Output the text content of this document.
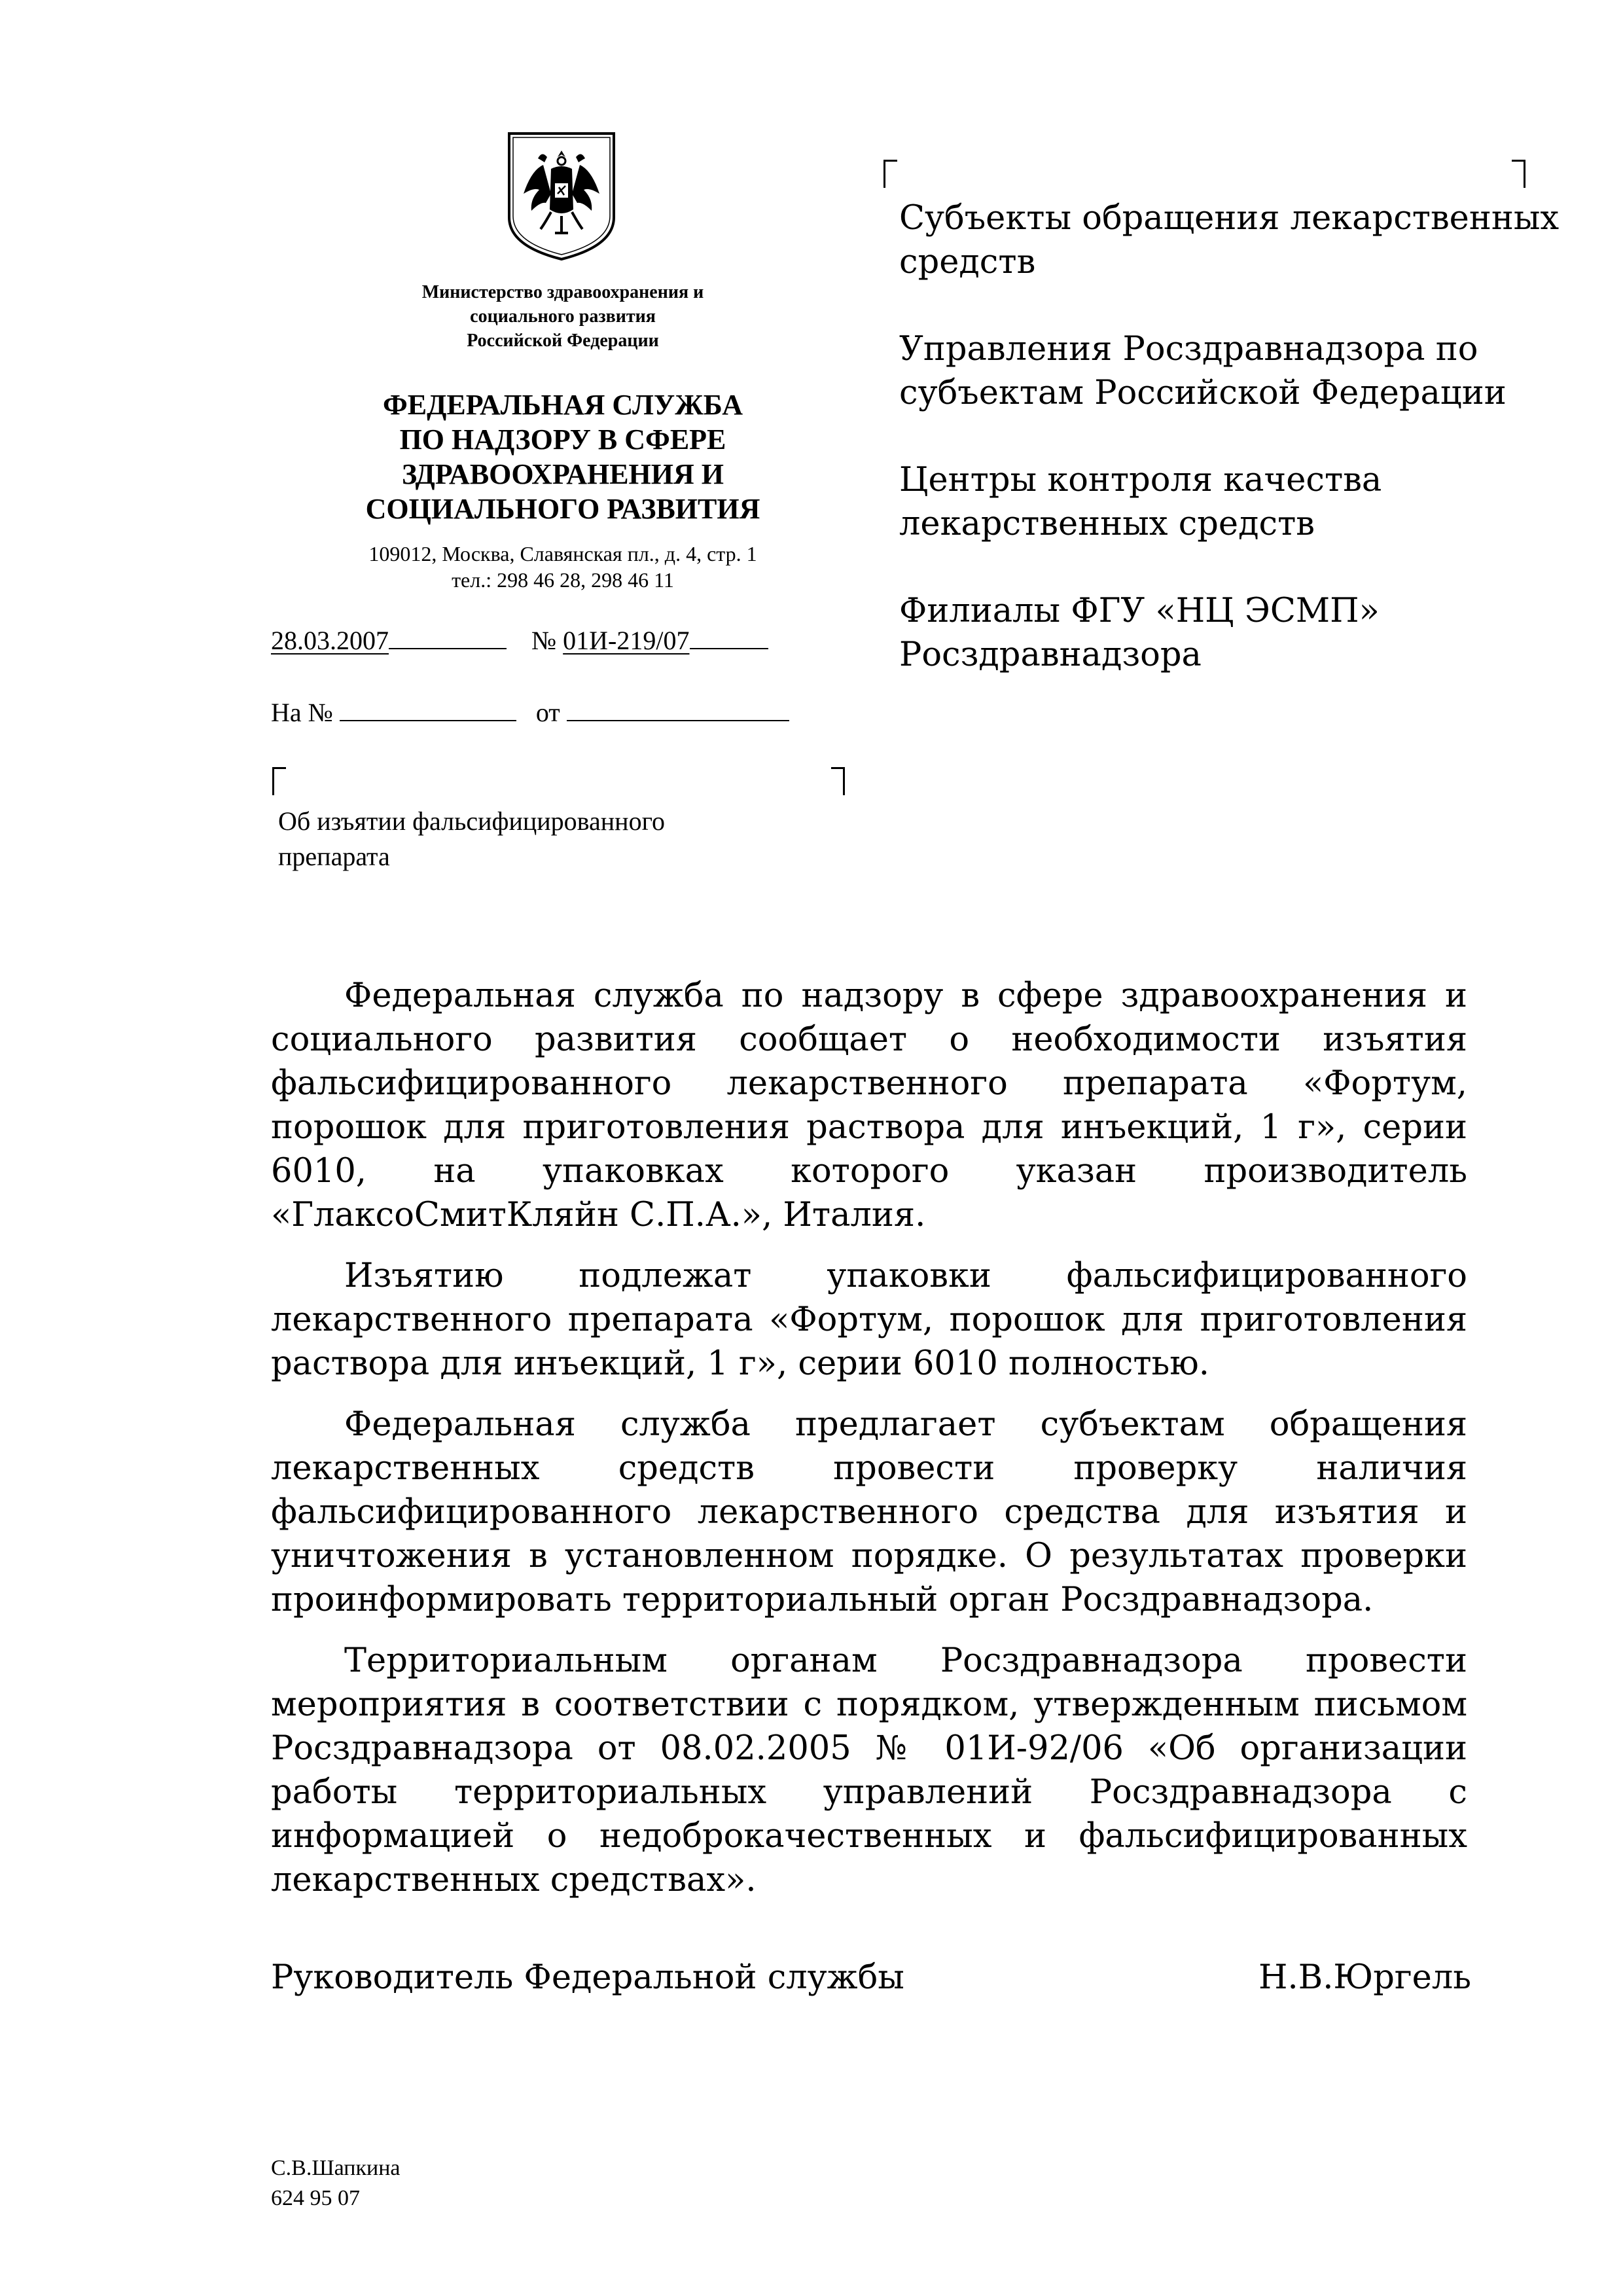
Министерство здравоохранения и
социального развития
Российской Федерации
ФЕДЕРАЛЬНАЯ СЛУЖБА
ПО НАДЗОРУ В СФЕРЕ
ЗДРАВООХРАНЕНИЯ И
СОЦИАЛЬНОГО РАЗВИТИЯ
109012, Москва, Славянская пл., д. 4, стр. 1
тел.: 298 46 28, 298 46 11
28.03.2007	№ 01И-219/07
На №	от
Об изъятии фальсифицированного
препарата
Субъекты обращения лекарственных
средств
Управления Росздравнадзора по
субъектам Российской Федерации
Центры контроля качества
лекарственных средств
Филиалы ФГУ «НЦ ЭСМП»
Росздравнадзора

Федеральная служба по надзору в сфере здравоохранения и социального развития сообщает о необходимости изъятия фальсифицированного лекарственного препарата «Фортум, порошок для приготовления раствора для инъекций, 1 г», серии 6010, на упаковках которого указан производитель «ГлаксоСмитКляйн С.П.А.», Италия.

Изъятию подлежат упаковки фальсифицированного лекарственного препарата «Фортум, порошок для приготовления раствора для инъекций, 1 г», серии 6010 полностью.

Федеральная служба предлагает субъектам обращения лекарственных средств провести проверку наличия фальсифицированного лекарственного средства для изъятия и уничтожения в установленном порядке. О результатах проверки проинформировать территориальный орган Росздравнадзора.

Территориальным органам Росздравнадзора провести мероприятия в соответствии с порядком, утвержденным письмом Росздравнадзора от 08.02.2005 № 01И-92/06 «Об организации работы территориальных управлений Росздравнадзора с информацией о недоброкачественных и фальсифицированных лекарственных средствах».

Руководитель Федеральной службы	Н.В.Юргель
С.В.Шапкина
624 95 07
